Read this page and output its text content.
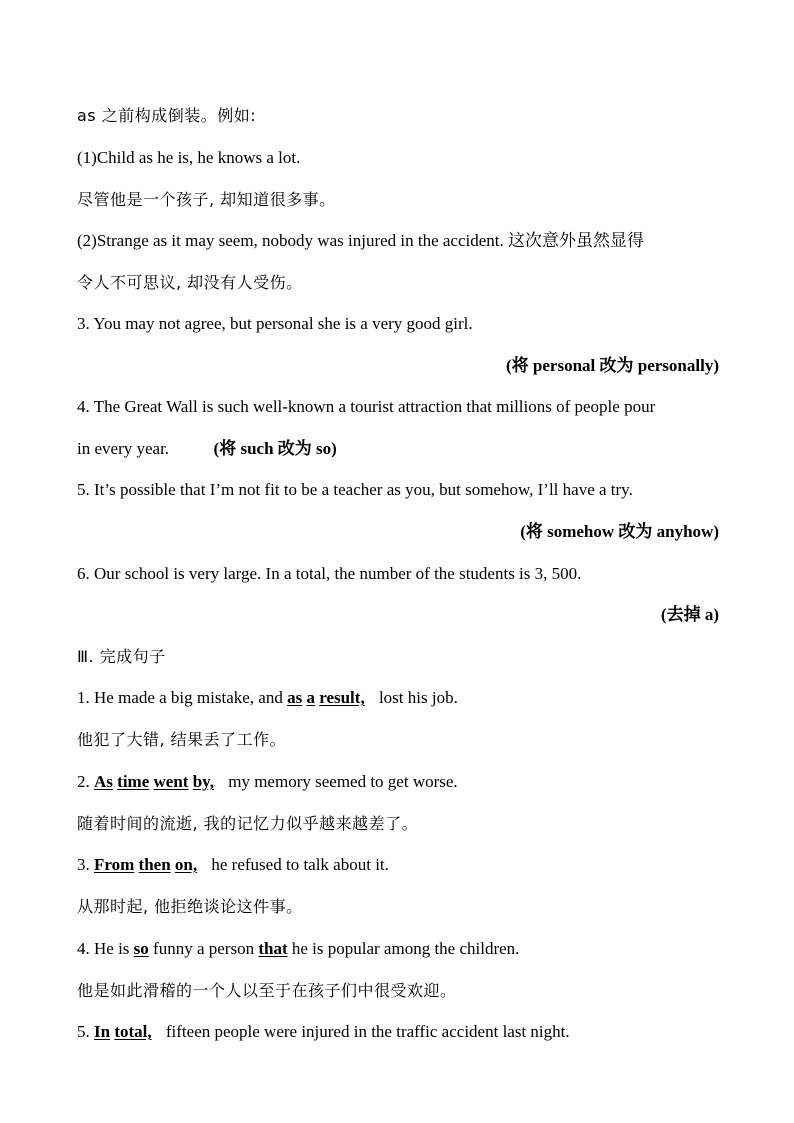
as 之前构成倒装。例如:
(1)Child as he is, he knows a lot.
尽管他是一个孩子, 却知道很多事。
(2)Strange as it may seem, nobody was injured in the accident. 这次意外虽然显得
令人不可思议, 却没有人受伤。
3. You may not agree, but personal she is a very good girl.
(将 personal 改为 personally)
4. The Great Wall is such well-known a tourist attraction that millions of people pour
in every year.	(将 such 改为 so)
5. It’s possible that I’m not fit to be a teacher as you, but somehow, I’ll have a try.
(将 somehow 改为 anyhow)
6. Our school is very large. In a total, the number of the students is 3, 500.
(去掉 a)
Ⅲ. 完成句子
1. He made a big mistake, and as a result, lost his job.
他犯了大错, 结果丢了工作。
2. As time went by, my memory seemed to get worse.
随着时间的流逝, 我的记忆力似乎越来越差了。
3. From then on, he refused to talk about it.
从那时起, 他拒绝谈论这件事。
4. He is so funny a person that he is popular among the children.
他是如此滑稽的一个人以至于在孩子们中很受欢迎。
5. In total, fifteen people were injured in the traffic accident last night.
